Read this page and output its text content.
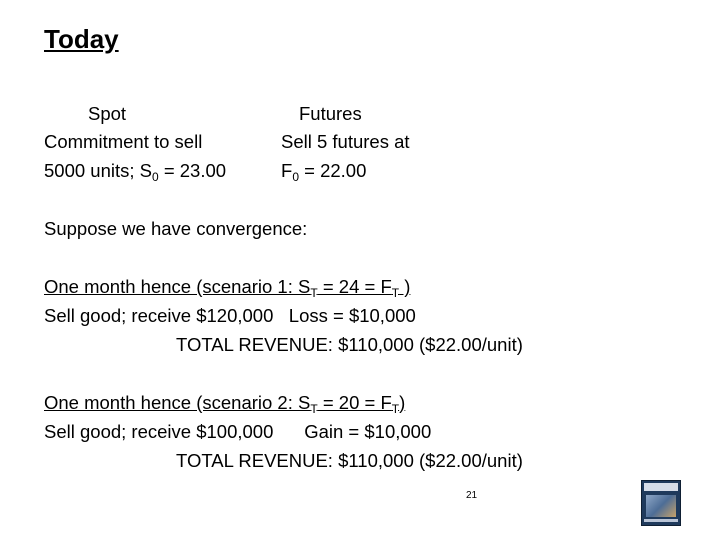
Today
Spot
Commitment to sell
5000 units; $S_0 = 23.00$
Futures
Sell 5 futures at
$F_0 = 22.00$
Suppose we have convergence:
One month hence (scenario 1: $S_T = 24 = F_T$ )
Sell good; receive $120,000   Loss = $10,000
TOTAL REVENUE: $110,000 ($22.00/unit)
One month hence (scenario 2: $S_T = 20 = F_T$)
Sell good; receive $100,000      Gain = $10,000
TOTAL REVENUE: $110,000 ($22.00/unit)
21
